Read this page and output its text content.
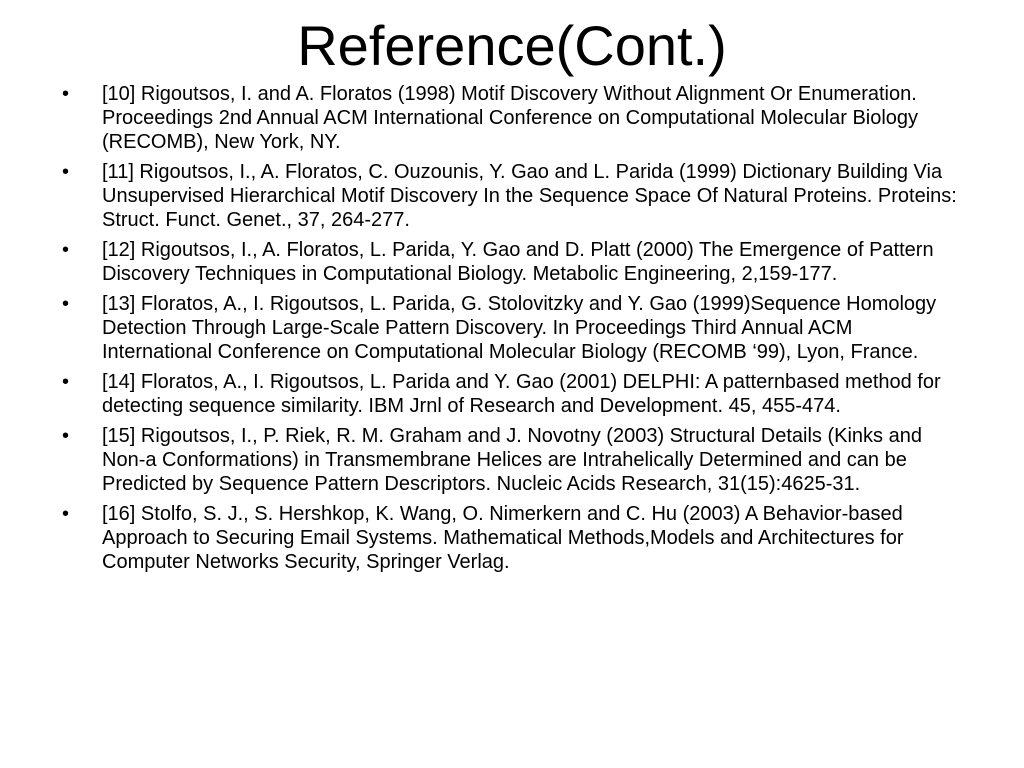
Reference(Cont.)
•	[10] Rigoutsos, I. and A. Floratos (1998) Motif Discovery Without Alignment Or Enumeration. Proceedings 2nd Annual ACM International Conference on Computational Molecular Biology (RECOMB), New York, NY.
•	[11] Rigoutsos, I., A. Floratos, C. Ouzounis, Y. Gao and L. Parida (1999) Dictionary Building Via Unsupervised Hierarchical Motif Discovery In the Sequence Space Of Natural Proteins. Proteins: Struct. Funct. Genet., 37, 264-277.
•	[12] Rigoutsos, I., A. Floratos, L. Parida, Y. Gao and D. Platt (2000) The Emergence of Pattern Discovery Techniques in Computational Biology. Metabolic Engineering, 2,159-177.
•	[13] Floratos, A., I. Rigoutsos, L. Parida, G. Stolovitzky and Y. Gao (1999)Sequence Homology Detection Through Large-Scale Pattern Discovery. In Proceedings Third Annual ACM International Conference on Computational Molecular Biology (RECOMB ‘99), Lyon, France.
•	[14] Floratos, A., I. Rigoutsos, L. Parida and Y. Gao (2001) DELPHI: A patternbased method for detecting sequence similarity. IBM Jrnl of Research and Development. 45, 455-474.
•	[15] Rigoutsos, I., P. Riek, R. M. Graham and J. Novotny (2003) Structural Details (Kinks and Non-a Conformations) in Transmembrane Helices are Intrahelically Determined and can be Predicted by Sequence Pattern Descriptors. Nucleic Acids Research, 31(15):4625-31.
•	[16] Stolfo, S. J., S. Hershkop, K. Wang, O. Nimerkern and C. Hu (2003) A Behavior-based Approach to Securing Email Systems. Mathematical Methods,Models and Architectures for Computer Networks Security, Springer Verlag.
